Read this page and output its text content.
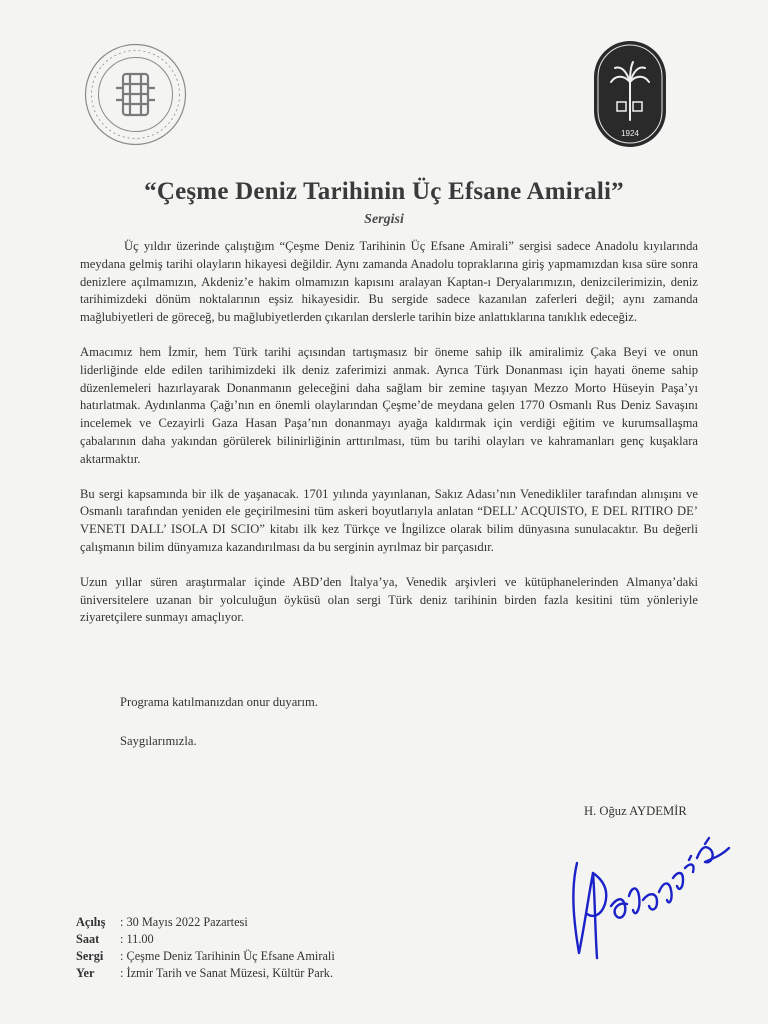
1924
“Çeşme Deniz Tarihinin Üç Efsane Amirali”
Sergisi

Üç yıldır üzerinde çalıştığım “Çeşme Deniz Tarihinin Üç Efsane Amirali” sergisi sadece Anadolu kıyılarında meydana gelmiş tarihi olayların hikayesi değildir. Aynı zamanda Anadolu topraklarına giriş yapmamızdan kısa süre sonra denizlere açılmamızın, Akdeniz’e hakim olmamızın kapısını aralayan Kaptan-ı Deryalarımızın, denizcilerimizin, deniz tarihimizdeki dönüm noktalarının eşsiz hikayesidir. Bu sergide sadece kazanılan zaferleri değil; aynı zamanda mağlubiyetleri de göreceğ, bu mağlubiyetlerden çıkarılan derslerle tarihin bize anlattıklarına tanıklık edeceğiz.

Amacımız hem İzmir, hem Türk tarihi açısından tartışmasız bir öneme sahip ilk amiralimiz Çaka Beyi ve onun liderliğinde elde edilen tarihimizdeki ilk deniz zaferimizi anmak. Ayrıca Türk Donanması için hayati öneme sahip düzenlemeleri hazırlayarak Donanmanın geleceğini daha sağlam bir zemine taşıyan Mezzo Morto Hüseyin Paşa’yı hatırlatmak. Aydınlanma Çağı’nın en önemli olaylarından Çeşme’de meydana gelen 1770 Osmanlı Rus Deniz Savaşını incelemek ve Cezayirli Gaza Hasan Paşa’nın donanmayı ayağa kaldırmak için verdiği eğitim ve kurumsallaşma çabalarının daha yakından görülerek bilinirliğinin arttırılması, tüm bu tarihi olayları ve kahramanları genç kuşaklara aktarmaktır.

Bu sergi kapsamında bir ilk de yaşanacak. 1701 yılında yayınlanan, Sakız Adası’nın Venedikliler tarafından alınışını ve Osmanlı tarafından yeniden ele geçirilmesini tüm askeri boyutlarıyla anlatan “DELL’ ACQUISTO, E DEL RITIRO DE’ VENETI DALL’ ISOLA DI SCIO” kitabı ilk kez Türkçe ve İngilizce olarak bilim dünyasına sunulacaktır. Bu değerli çalışmanın bilim dünyamıza kazandırılması da bu serginin ayrılmaz bir parçasıdır.

Uzun yıllar süren araştırmalar içinde ABD’den İtalya’ya, Venedik arşivleri ve kütüphanelerinden Almanya’daki üniversitelere uzanan bir yolculuğun öyküsü olan sergi Türk deniz tarihinin birden fazla kesitini tüm yönleriyle ziyaretçilere sunmayı amaçlıyor.

Programa katılmanızdan onur duyarım.
Saygılarımızla.
H. Oğuz AYDEMİR
Açılış	: 30 Mayıs 2022 Pazartesi
Saat	: 11.00
Sergi	: Çeşme Deniz Tarihinin Üç Efsane Amirali
Yer	: İzmir Tarih ve Sanat Müzesi, Kültür Park.
